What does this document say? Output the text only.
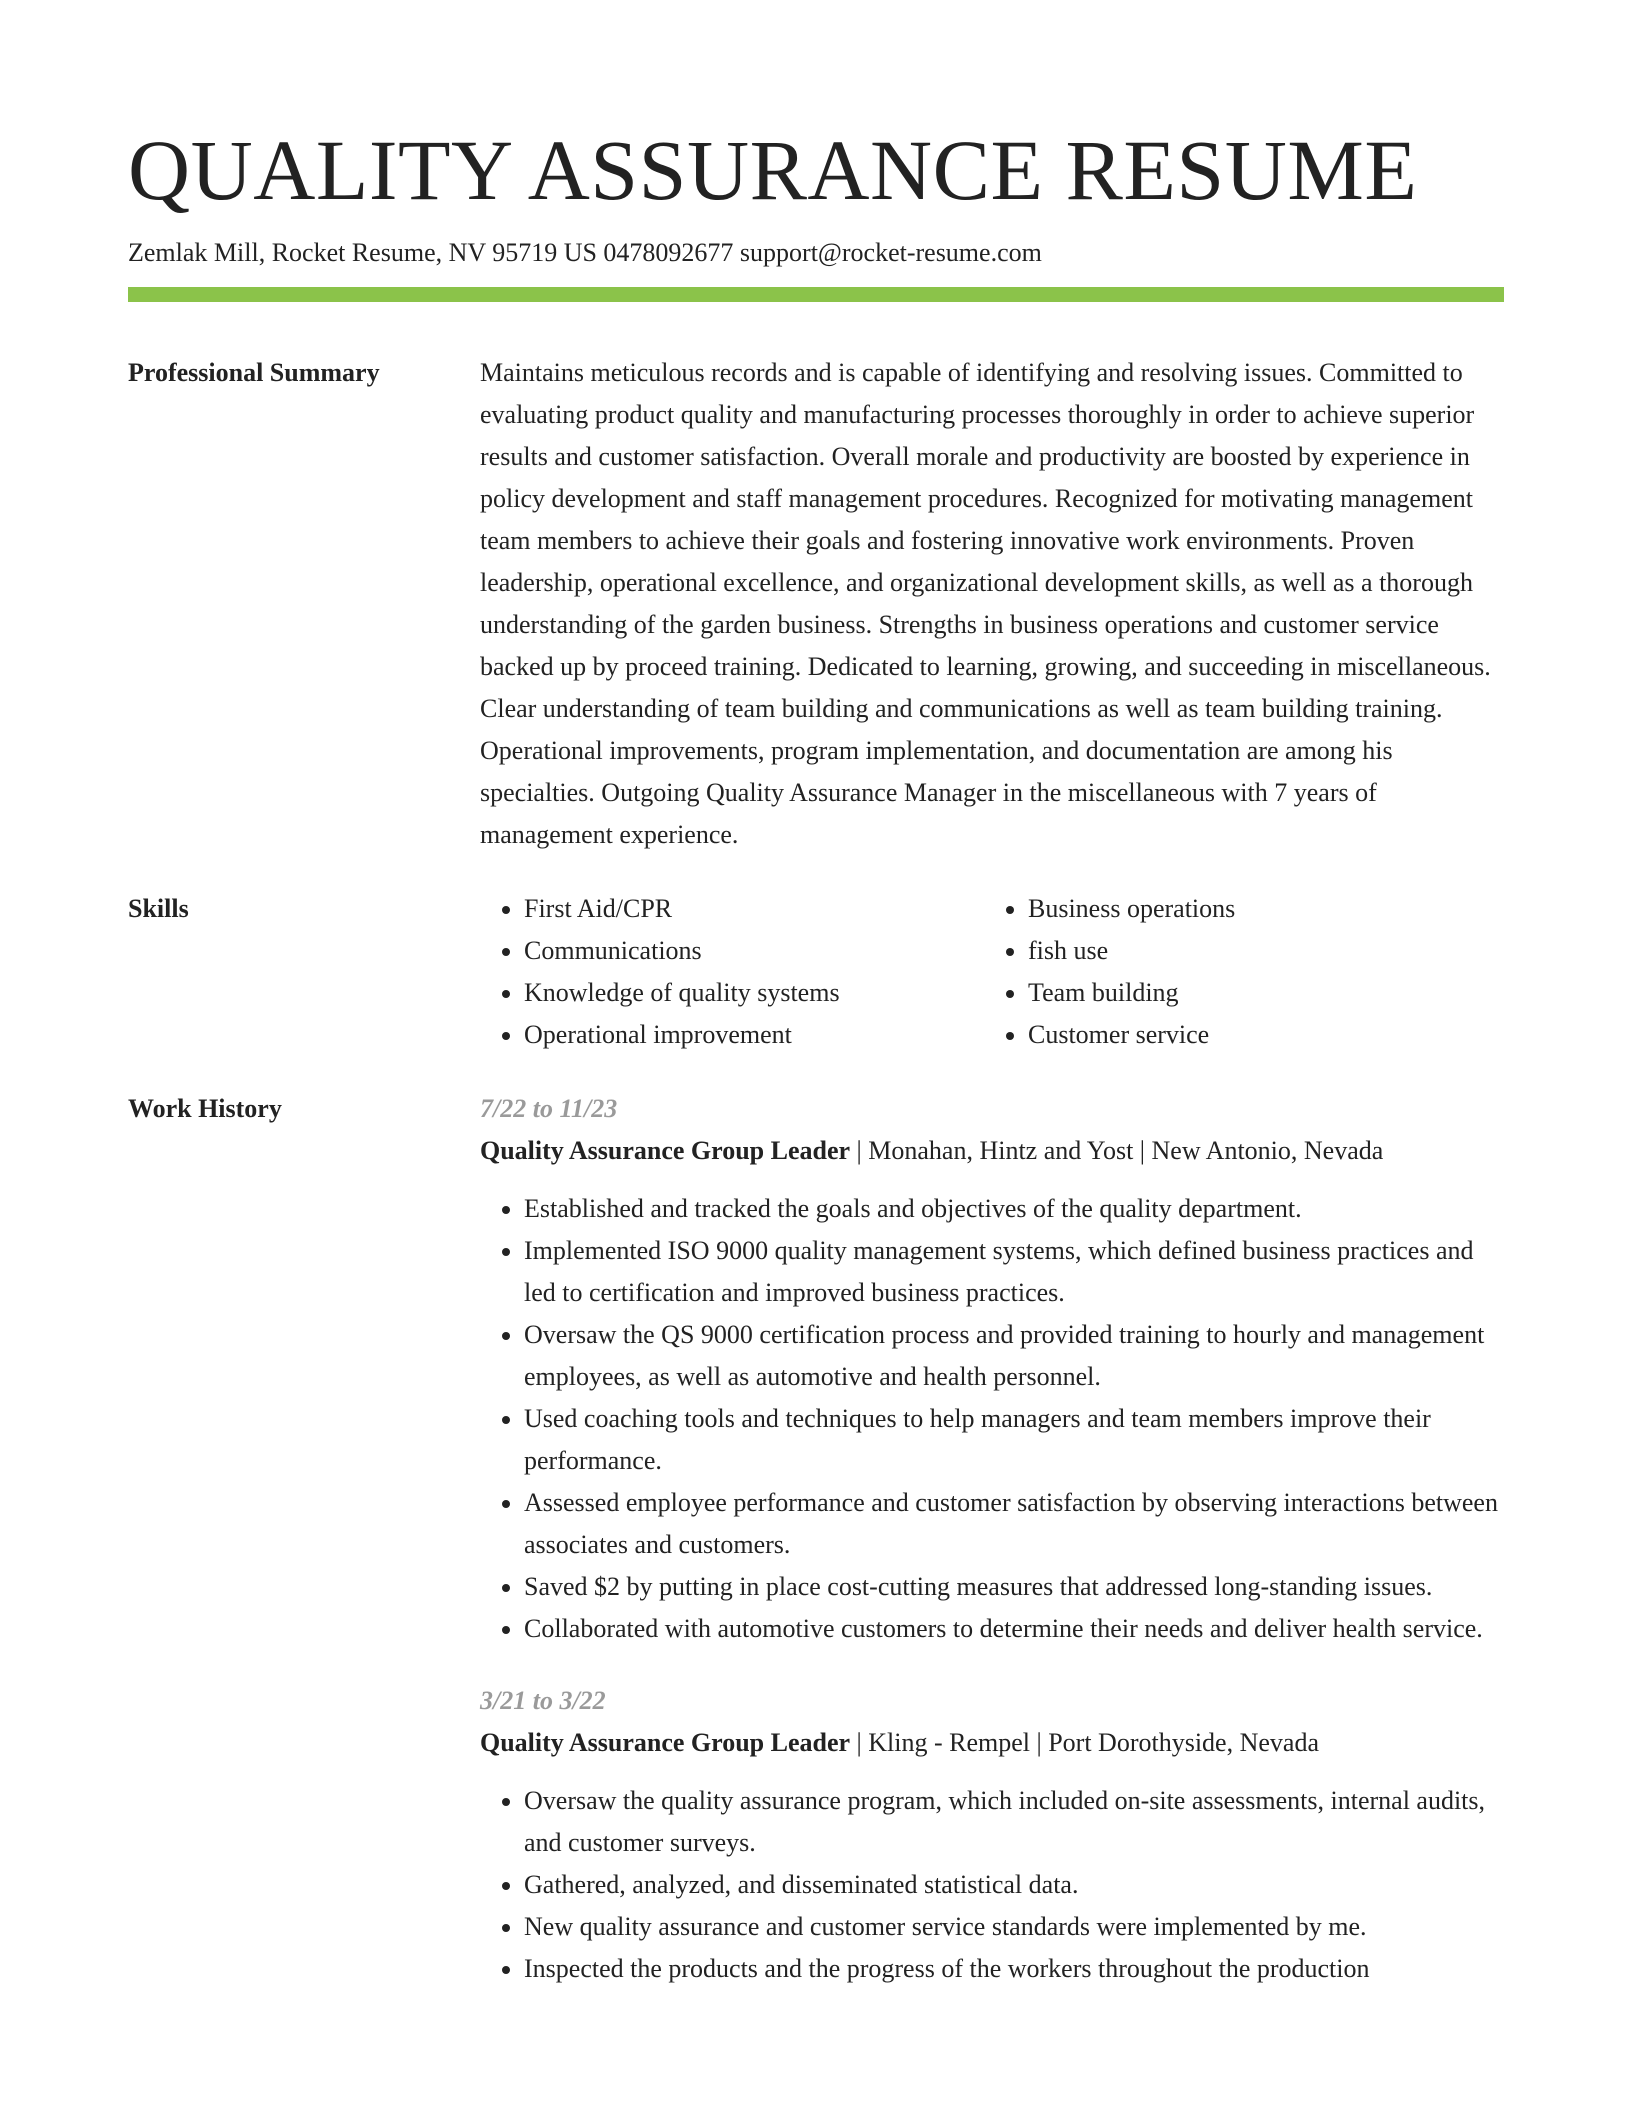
QUALITY ASSURANCE RESUME
Zemlak Mill, Rocket Resume, NV 95719 US 0478092677 support@rocket-resume.com
Professional Summary	Maintains meticulous records and is capable of identifying and resolving issues. Committed to evaluating product quality and manufacturing processes thoroughly in order to achieve superior results and customer satisfaction. Overall morale and productivity are boosted by experience in policy development and staff management procedures. Recognized for motivating management team members to achieve their goals and fostering innovative work environments. Proven leadership, operational excellence, and organizational development skills, as well as a thorough understanding of the garden business. Strengths in business operations and customer service backed up by proceed training. Dedicated to learning, growing, and succeeding in miscellaneous. Clear understanding of team building and communications as well as team building training. Operational improvements, program implementation, and documentation are among his specialties. Outgoing Quality Assurance Manager in the miscellaneous with 7 years of management experience.

Skills
•	First Aid/CPR
• Communications
• Knowledge of quality systems
• Operational improvement
• Business operations
• fish use
• Team building
• Customer service
Work History	7/22 to 11/23
Quality Assurance Group Leader | Monahan, Hintz and Yost | New Antonio, Nevada
• Established and tracked the goals and objectives of the quality department.
• Implemented ISO 9000 quality management systems, which defined business practices and led to certification and improved business practices.
• Oversaw the QS 9000 certification process and provided training to hourly and management employees, as well as automotive and health personnel.
• Used coaching tools and techniques to help managers and team members improve their performance.
• Assessed employee performance and customer satisfaction by observing interactions between associates and customers.
• Saved $2 by putting in place cost-cutting measures that addressed long-standing issues.
• Collaborated with automotive customers to determine their needs and deliver health service.
3/21 to 3/22
Quality Assurance Group Leader | Kling - Rempel | Port Dorothyside, Nevada
• Oversaw the quality assurance program, which included on-site assessments, internal audits, and customer surveys.
• Gathered, analyzed, and disseminated statistical data.
• New quality assurance and customer service standards were implemented by me.
• Inspected the products and the progress of the workers throughout the production
